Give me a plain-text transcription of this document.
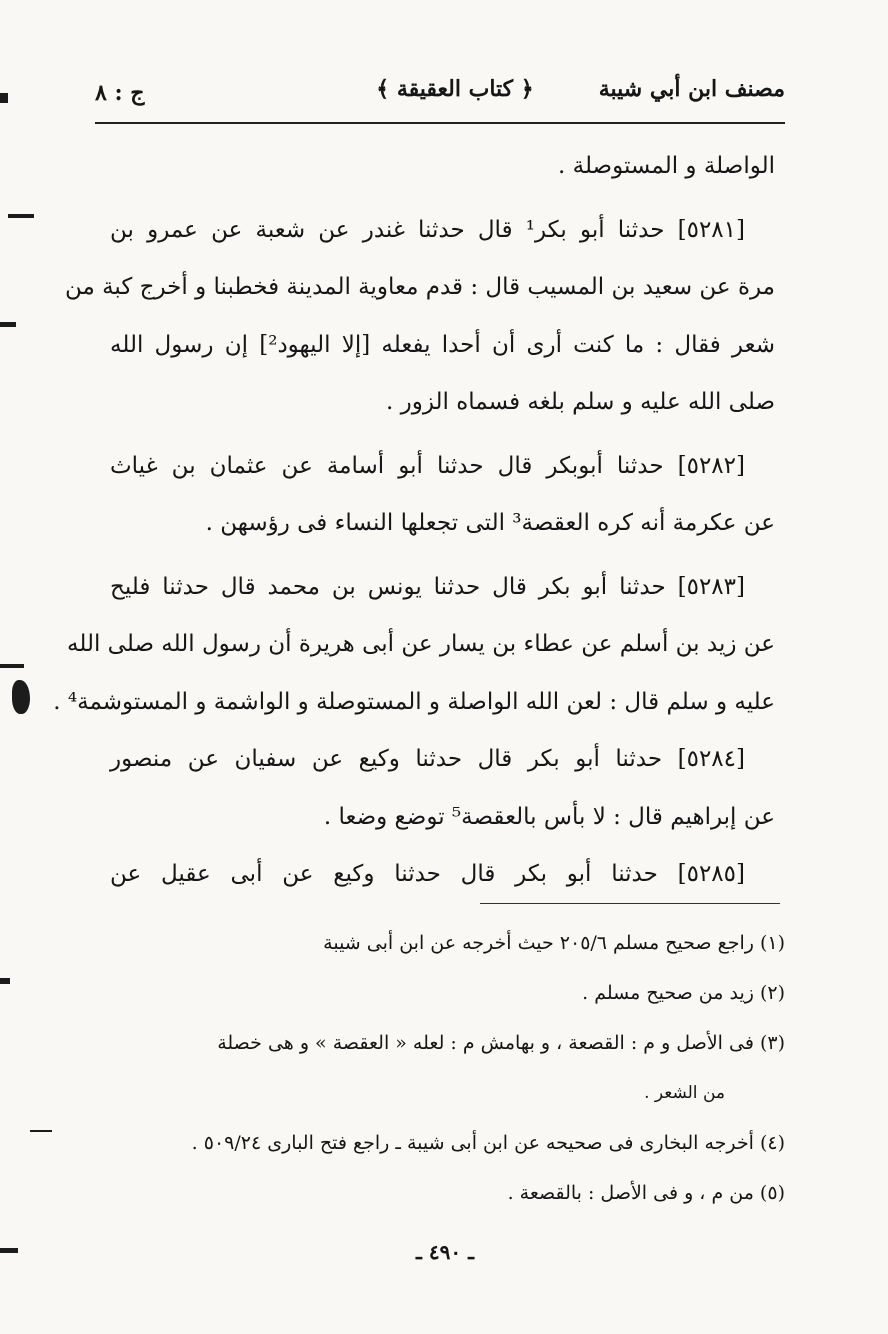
مصنف ابن أبي شيبة
﴿ كتاب العقيقة ﴾
ج : ٨
الواصلة و المستوصلة .
[٥٢٨١] حدثنا أبو بكر¹ قال حدثنا غندر عن شعبة عن عمرو بن
مرة عن سعيد بن المسيب قال : قدم معاوية المدينة فخطبنا و أخرج كبة من
شعر فقال : ما كنت أرى أن أحدا يفعله [إلا اليهود²] إن رسول الله
صلى الله عليه و سلم بلغه فسماه الزور .
[٥٢٨٢] حدثنا أبوبكر قال حدثنا أبو أسامة عن عثمان بن غياث
عن عكرمة أنه كره العقصة³ التى تجعلها النساء فى رؤسهن .
[٥٢٨٣] حدثنا أبو بكر قال حدثنا يونس بن محمد قال حدثنا فليح
عن زيد بن أسلم عن عطاء بن يسار عن أبى هريرة أن رسول الله صلى الله
عليه و سلم قال : لعن الله الواصلة و المستوصلة و الواشمة و المستوشمة⁴ .
[٥٢٨٤] حدثنا أبو بكر قال حدثنا وكيع عن سفيان عن منصور
عن إبراهيم قال : لا بأس بالعقصة⁵ توضع وضعا .
[٥٢٨٥] حدثنا أبو بكر قال حدثنا وكيع عن أبى عقيل عن
(١) راجع صحيح مسلم ٢٠٥/٦ حيث أخرجه عن ابن أبى شيبة
(٢) زيد من صحيح مسلم .
(٣) فى الأصل و م : القصعة ، و بهامش م : لعله « العقصة » و هى خصلة
من الشعر .
(٤) أخرجه البخارى فى صحيحه عن ابن أبى شيبة ـ راجع فتح البارى ٥٠٩/٢٤ .
(٥) من م ، و فى الأصل : بالقصعة .
ـ ٤٩٠ ـ
